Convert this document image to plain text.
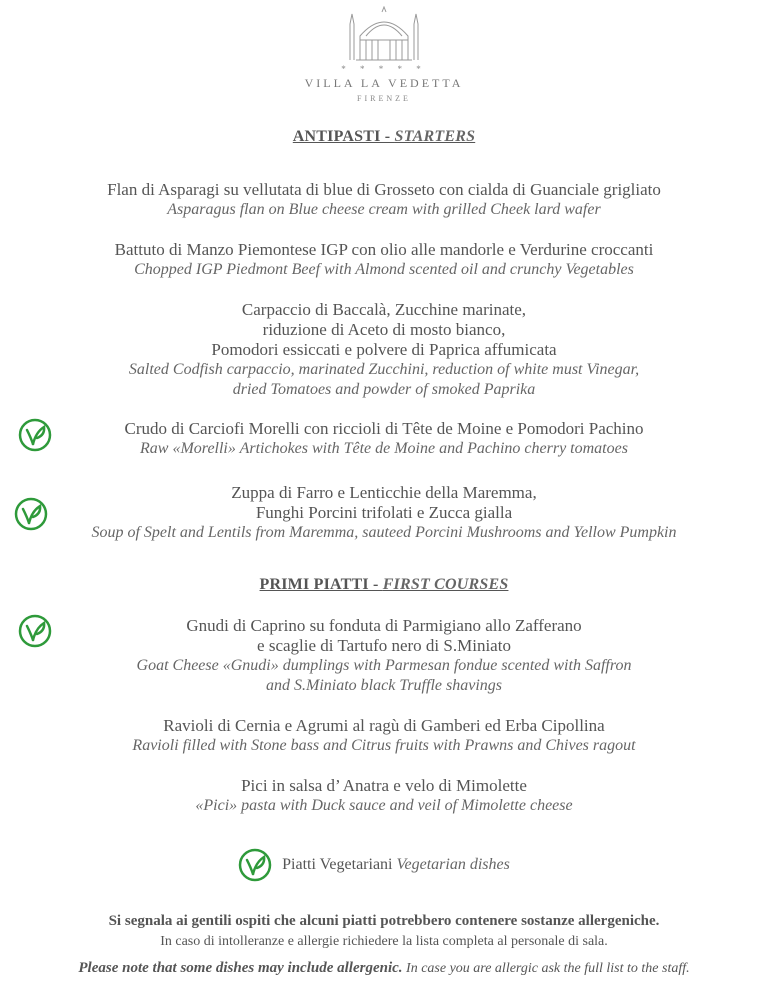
* * * * *
VILLA LA VEDETTA
FIRENZE
ANTIPASTI - STARTERS
Flan di Asparagi su vellutata di blue di Grosseto con cialda di Guanciale grigliato
Asparagus flan on Blue cheese cream with grilled Cheek lard wafer
Battuto di Manzo Piemontese IGP con olio alle mandorle e Verdurine croccanti
Chopped IGP Piedmont Beef with Almond scented oil and crunchy Vegetables
Carpaccio di Baccalà, Zucchine marinate,
riduzione di Aceto di mosto bianco,
Pomodori essiccati e polvere di Paprica affumicata
Salted Codfish carpaccio, marinated Zucchini, reduction of white must Vinegar,
dried Tomatoes and powder of smoked Paprika
Crudo di Carciofi Morelli con riccioli di Tête de Moine e Pomodori Pachino
Raw «Morelli» Artichokes with Tête de Moine and Pachino cherry tomatoes
Zuppa di Farro e Lenticchie della Maremma,
Funghi Porcini trifolati e Zucca gialla
Soup of Spelt and Lentils from Maremma, sauteed Porcini Mushrooms and Yellow Pumpkin
PRIMI PIATTI - FIRST COURSES
Gnudi di Caprino su fonduta di Parmigiano allo Zafferano
e scaglie di Tartufo nero di S.Miniato
Goat Cheese «Gnudi» dumplings with Parmesan fondue scented with Saffron
and S.Miniato black Truffle shavings
Ravioli di Cernia e Agrumi al ragù di Gamberi ed Erba Cipollina
Ravioli filled with Stone bass and Citrus fruits with Prawns and Chives ragout
Pici in salsa d’ Anatra e velo di Mimolette
«Pici» pasta with Duck sauce and veil of Mimolette cheese
Piatti Vegetariani Vegetarian dishes
Si segnala ai gentili ospiti che alcuni piatti potrebbero contenere sostanze allergeniche.
In caso di intolleranze e allergie richiedere la lista completa al personale di sala.
Please note that some dishes may include allergenic. In case you are allergic ask the full list to the staff.
